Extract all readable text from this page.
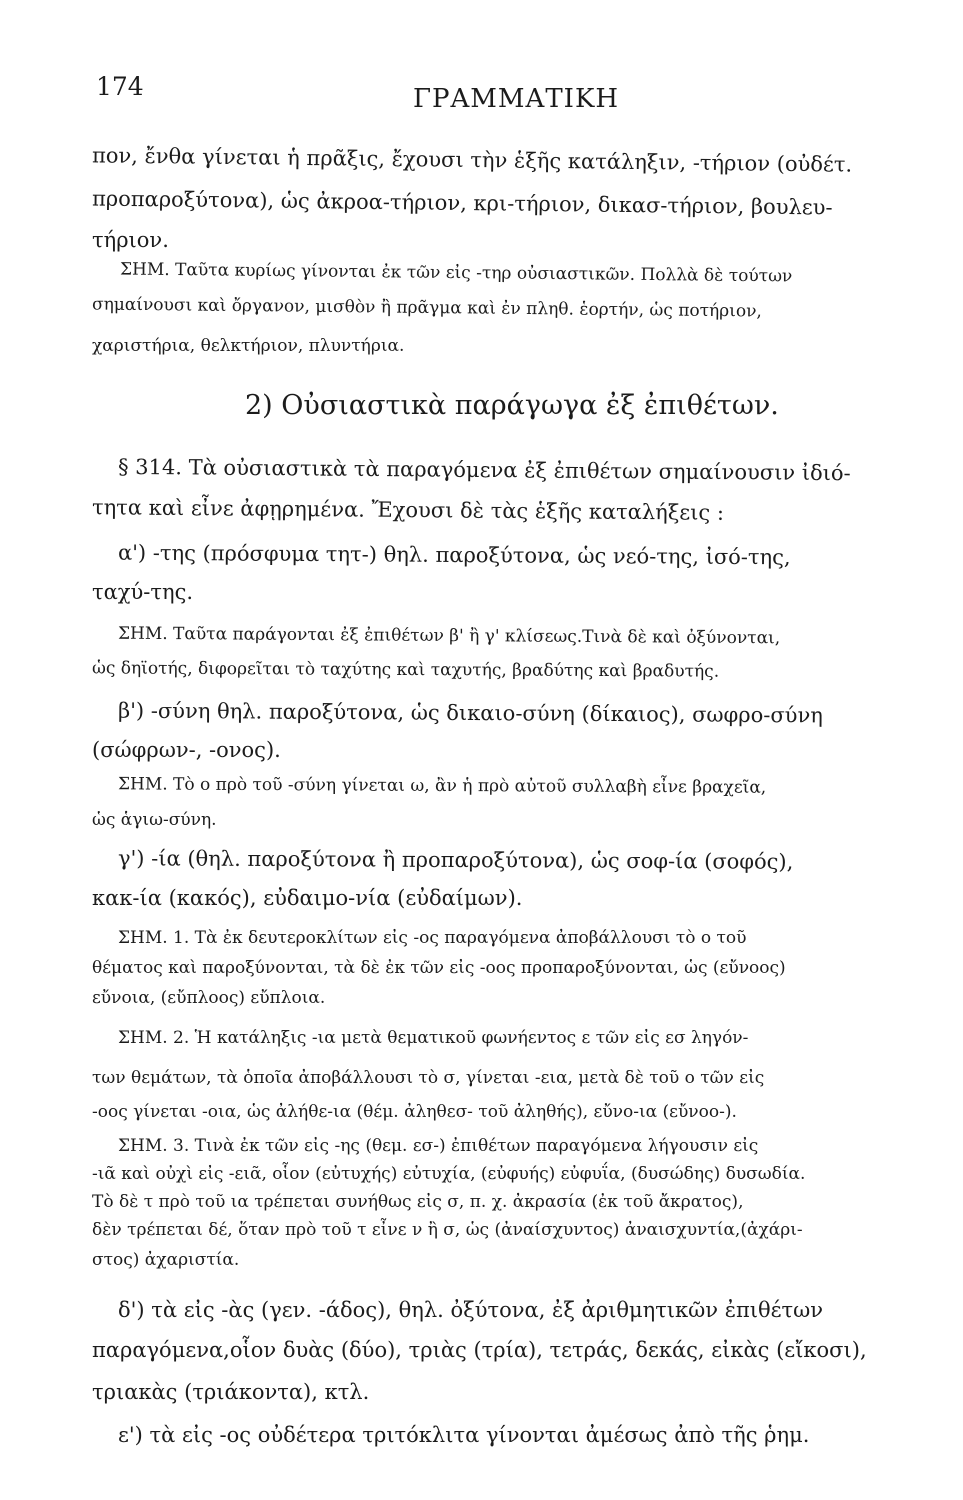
174	ΓΡΑΜΜΑΤΙΚΗ
πον, ἔνθα γίνεται ἡ πρᾶξις, ἔχουσι τὴν ἑξῆς κατάληξιν, -τήριον (οὐδέτ.
προπαροξύτονα), ὡς ἀκροα-τήριον, κρι-τήριον, δικασ-τήριον, βουλευ-
τήριον.
ΣΗΜ. Ταῦτα κυρίως γίνονται ἐκ τῶν εἰς -τηρ οὐσιαστικῶν. Πολλὰ δὲ τούτων
σημαίνουσι καὶ ὄργανον, μισθὸν ἢ πρᾶγμα καὶ ἐν πληθ. ἑορτήν, ὡς ποτήριον,
χαριστήρια, θελκτήριον, πλυντήρια.
2) Οὐσιαστικὰ παράγωγα ἐξ ἐπιθέτων.
§ 314. Τὰ οὐσιαστικὰ τὰ παραγόμενα ἐξ ἐπιθέτων σημαίνουσιν ἰδιό-
τητα καὶ εἶνε ἀφῃρημένα. Ἔχουσι δὲ τὰς ἑξῆς καταλήξεις :
α') -της (πρόσφυμα τητ-) θηλ. παροξύτονα, ὡς νεό-της, ἰσό-της,
ταχύ-της.
ΣΗΜ. Ταῦτα παράγονται ἐξ ἐπιθέτων β' ἢ γ' κλίσεως.Τινὰ δὲ καὶ ὀξύνονται,
ὡς δηϊοτής, διφορεῖται τὸ ταχύτης καὶ ταχυτής, βραδύτης καὶ βραδυτής.
β') -σύνη θηλ. παροξύτονα, ὡς δικαιο-σύνη (δίκαιος), σωφρο-σύνη
(σώφρων-, -ονος).
ΣΗΜ. Τὸ ο πρὸ τοῦ -σύνη γίνεται ω, ἂν ἡ πρὸ αὐτοῦ συλλαβὴ εἶνε βραχεῖα,
ὡς ἁγιω-σύνη.
γ') -ία (θηλ. παροξύτονα ἢ προπαροξύτονα), ὡς σοφ-ία (σοφός),
κακ-ία (κακός), εὐδαιμο-νία (εὐδαίμων).
ΣΗΜ. 1. Τὰ ἐκ δευτεροκλίτων εἰς -ος παραγόμενα ἀποβάλλουσι τὸ ο τοῦ
θέματος καὶ παροξύνονται, τὰ δὲ ἐκ τῶν εἰς -οος προπαροξύνονται, ὡς (εὔνοος)
εὔνοια, (εὔπλοος) εὔπλοια.
ΣΗΜ. 2. Ἡ κατάληξις -ια μετὰ θεματικοῦ φωνήεντος ε τῶν εἰς εσ ληγόν-
των θεμάτων, τὰ ὁποῖα ἀποβάλλουσι τὸ σ, γίνεται -εια, μετὰ δὲ τοῦ ο τῶν εἰς
-οος γίνεται -οια, ὡς ἀλήθε-ια (θέμ. ἀληθεσ- τοῦ ἀληθής), εὔνο-ια (εὔνοο-).
ΣΗΜ. 3. Τινὰ ἐκ τῶν εἰς -ης (θεμ. εσ-) ἐπιθέτων παραγόμενα λήγουσιν εἰς
-ιᾶ καὶ οὐχὶ εἰς -ειᾶ, οἷον (εὐτυχής) εὐτυχία, (εὐφυής) εὐφυΐα, (δυσώδης) δυσωδία.
Τὸ δὲ τ πρὸ τοῦ ια τρέπεται συνήθως εἰς σ, π. χ. ἀκρασία (ἐκ τοῦ ἄκρατος),
δὲν τρέπεται δέ, ὅταν πρὸ τοῦ τ εἶνε ν ἢ σ, ὡς (ἀναίσχυντος) ἀναισχυντία,(ἀχάρι-
στος) ἀχαριστία.
δ') τὰ εἰς -ὰς (γεν. -άδος), θηλ. ὀξύτονα, ἐξ ἀριθμητικῶν ἐπιθέτων
παραγόμενα,οἷον δυὰς (δύο), τριὰς (τρία), τετράς, δεκάς, εἰκὰς (εἴκοσι),
τριακὰς (τριάκοντα), κτλ.
ε') τὰ εἰς -ος οὐδέτερα τριτόκλιτα γίνονται ἀμέσως ἀπὸ τῆς ῥημ.
